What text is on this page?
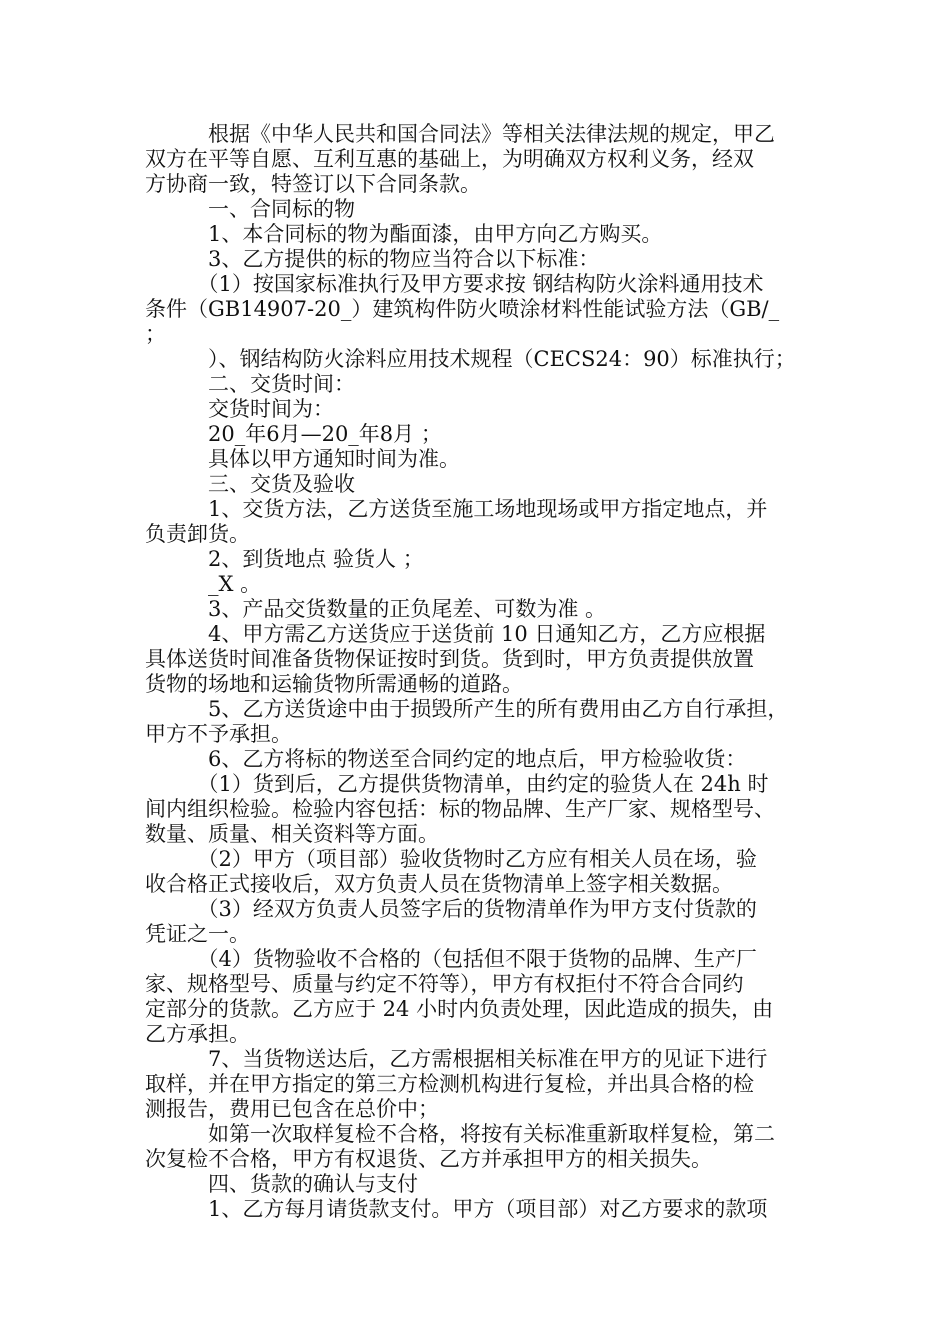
　　　根据《中华人民共和国合同法》等相关法律法规的规定，甲乙
双方在平等自愿、互利互惠的基础上，为明确双方权利义务，经双
方协商一致，特签订以下合同条款。
　　　一、合同标的物
　　　1、本合同标的物为酯面漆，由甲方向乙方购买。
　　　3、乙方提供的标的物应当符合以下标准：
　　　（1）按国家标准执行及甲方要求按 钢结构防火涂料通用技术
条件（GB14907-20_）建筑构件防火喷涂材料性能试验方法（GB/_
；
　　　）、钢结构防火涂料应用技术规程（CECS24：90）标准执行；
　　　二、交货时间：
　　　交货时间为：
　　　20_年6月—20_年8月 ；
　　　具体以甲方通知时间为准。
　　　三、交货及验收
　　　1、交货方法，乙方送货至施工场地现场或甲方指定地点，并
负责卸货。
　　　2、到货地点 验货人 ；
　　　_X 。
　　　3、产品交货数量的正负尾差、可数为准 。
　　　4、甲方需乙方送货应于送货前 10 日通知乙方，乙方应根据
具体送货时间准备货物保证按时到货。货到时，甲方负责提供放置
货物的场地和运输货物所需通畅的道路。
　　　5、乙方送货途中由于损毁所产生的所有费用由乙方自行承担，
甲方不予承担。
　　　6、乙方将标的物送至合同约定的地点后，甲方检验收货：
　　　（1）货到后，乙方提供货物清单，由约定的验货人在 24h 时
间内组织检验。检验内容包括：标的物品牌、生产厂家、规格型号、
数量、质量、相关资料等方面。
　　　（2）甲方（项目部）验收货物时乙方应有相关人员在场，验
收合格正式接收后，双方负责人员在货物清单上签字相关数据。
　　　（3）经双方负责人员签字后的货物清单作为甲方支付货款的
凭证之一。
　　　（4）货物验收不合格的（包括但不限于货物的品牌、生产厂
家、规格型号、质量与约定不符等），甲方有权拒付不符合合同约
定部分的货款。乙方应于 24 小时内负责处理，因此造成的损失，由
乙方承担。
　　　7、当货物送达后，乙方需根据相关标准在甲方的见证下进行
取样，并在甲方指定的第三方检测机构进行复检，并出具合格的检
测报告，费用已包含在总价中；
　　　如第一次取样复检不合格，将按有关标准重新取样复检，第二
次复检不合格，甲方有权退货、乙方并承担甲方的相关损失。
　　　四、货款的确认与支付
　　　1、乙方每月请货款支付。甲方（项目部）对乙方要求的款项
